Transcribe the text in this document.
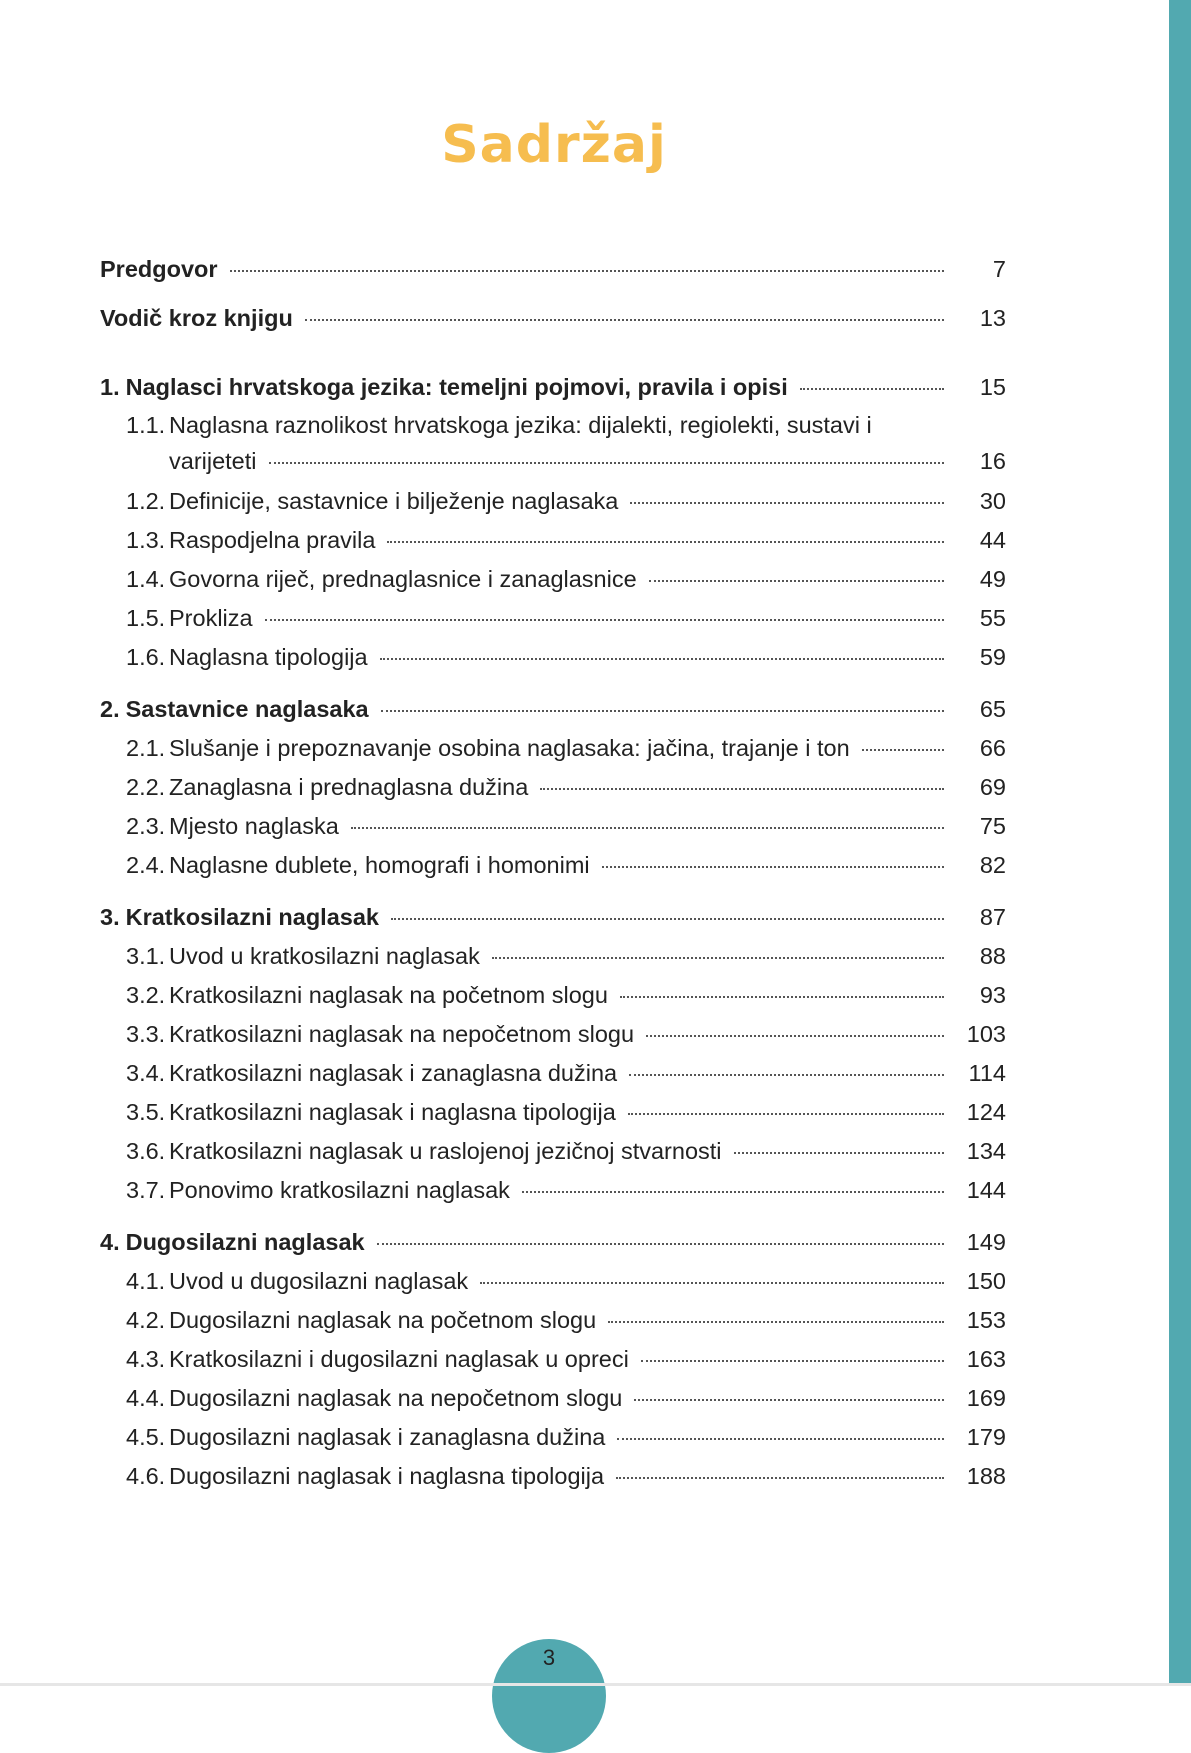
Sadržaj
Predgovor	7
Vodič kroz knjigu	13
1. Naglasci hrvatskoga jezika: temeljni pojmovi, pravila i opisi	15
1.1. Naglasna raznolikost hrvatskoga jezika: dijalekti, regiolekti, sustavi i
varijeteti	16
1.2. Definicije, sastavnice i bilježenje naglasaka	30
1.3. Raspodjelna pravila	44
1.4. Govorna riječ, prednaglasnice i zanaglasnice	49
1.5. Prokliza	55
1.6. Naglasna tipologija	59
2. Sastavnice naglasaka	65
2.1. Slušanje i prepoznavanje osobina naglasaka: jačina, trajanje i ton	66
2.2. Zanaglasna i prednaglasna dužina	69
2.3. Mjesto naglaska	75
2.4. Naglasne dublete, homografi i homonimi	82
3. Kratkosilazni naglasak	87
3.1. Uvod u kratkosilazni naglasak	88
3.2. Kratkosilazni naglasak na početnom slogu	93
3.3. Kratkosilazni naglasak na nepočetnom slogu	103
3.4. Kratkosilazni naglasak i zanaglasna dužina	114
3.5. Kratkosilazni naglasak i naglasna tipologija	124
3.6. Kratkosilazni naglasak u raslojenoj jezičnoj stvarnosti	134
3.7. Ponovimo kratkosilazni naglasak	144
4. Dugosilazni naglasak	149
4.1. Uvod u dugosilazni naglasak	150
4.2. Dugosilazni naglasak na početnom slogu	153
4.3. Kratkosilazni i dugosilazni naglasak u opreci	163
4.4. Dugosilazni naglasak na nepočetnom slogu	169
4.5. Dugosilazni naglasak i zanaglasna dužina	179
4.6. Dugosilazni naglasak i naglasna tipologija	188
3
